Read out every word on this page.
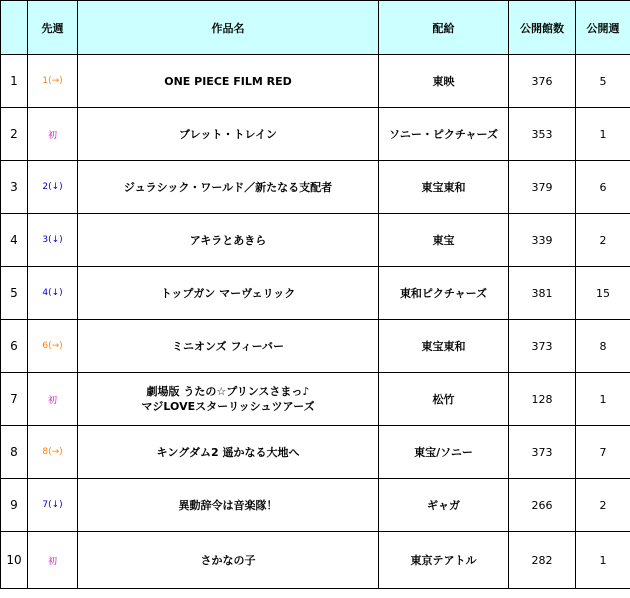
	先週	作品名	配給	公開館数	公開週
1	1(→)	ONE PIECE FILM RED	東映	376	5
2	初	ブレット・トレイン	ソニー・ピクチャーズ	353	1
3	2(↓)	ジュラシック・ワールド／新たなる支配者	東宝東和	379	6
4	3(↓)	アキラとあきら	東宝	339	2
5	4(↓)	トップガン マーヴェリック	東和ピクチャーズ	381	15
6	6(→)	ミニオンズ フィーバー	東宝東和	373	8
7	初	劇場版 うたの☆プリンスさまっ♪
マジLOVEスターリッシュツアーズ	松竹	128	1
8	8(→)	キングダム2 遥かなる大地へ	東宝/ソニー	373	7
9	7(↓)	異動辞令は音楽隊！	ギャガ	266	2
10	初	さかなの子	東京テアトル	282	1
